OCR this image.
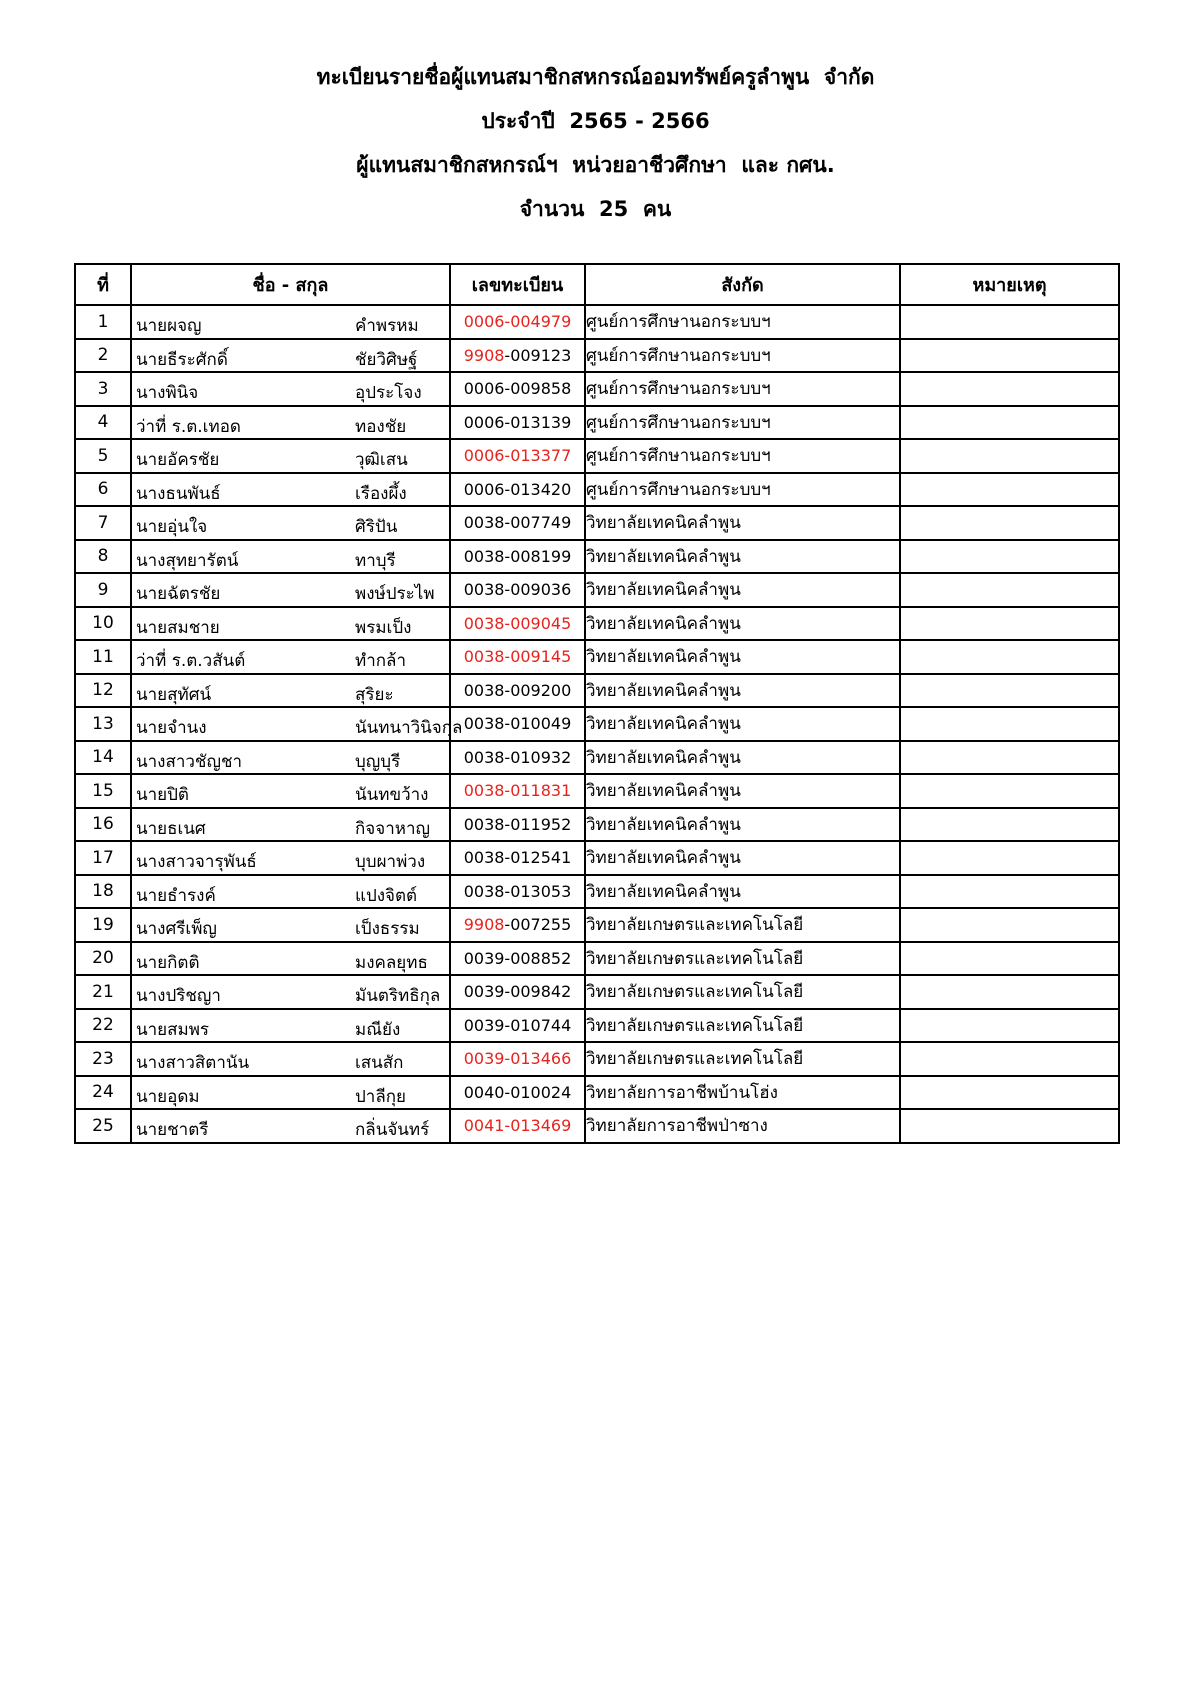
ทะเบียนรายชื่อผู้แทนสมาชิกสหกรณ์ออมทรัพย์ครูลำพูน  จำกัด
ประจำปี  2565 - 2566
ผู้แทนสมาชิกสหกรณ์ฯ  หน่วยอาชีวศึกษา  และ กศน.
จำนวน  25  คน
ที่	ชื่อ - สกุล	เลขทะเบียน	สังกัด	หมายเหตุ
1	นายผจญ คำพรหม	0006-004979	ศูนย์การศึกษานอกระบบฯ	
2	นายธีระศักดิ์ ชัยวิศิษฐ์	9908-009123	ศูนย์การศึกษานอกระบบฯ	
3	นางพินิจ อุประโจง	0006-009858	ศูนย์การศึกษานอกระบบฯ	
4	ว่าที่ ร.ต.เทอด ทองชัย	0006-013139	ศูนย์การศึกษานอกระบบฯ	
5	นายอัครชัย วุฒิเสน	0006-013377	ศูนย์การศึกษานอกระบบฯ	
6	นางธนพันธ์ เรืองผึ้ง	0006-013420	ศูนย์การศึกษานอกระบบฯ	
7	นายอุ่นใจ ศิริปัน	0038-007749	วิทยาลัยเทคนิคลำพูน	
8	นางสุทยารัตน์ ทาบุรี	0038-008199	วิทยาลัยเทคนิคลำพูน	
9	นายฉัตรชัย พงษ์ประไพ	0038-009036	วิทยาลัยเทคนิคลำพูน	
10	นายสมชาย พรมเป็ง	0038-009045	วิทยาลัยเทคนิคลำพูน	
11	ว่าที่ ร.ต.วสันต์ ทำกล้า	0038-009145	วิทยาลัยเทคนิคลำพูน	
12	นายสุทัศน์ สุริยะ	0038-009200	วิทยาลัยเทคนิคลำพูน	
13	นายจำนง นันทนาวินิจกุล	0038-010049	วิทยาลัยเทคนิคลำพูน	
14	นางสาวชัญชา บุญบุรี	0038-010932	วิทยาลัยเทคนิคลำพูน	
15	นายปิติ นันทขว้าง	0038-011831	วิทยาลัยเทคนิคลำพูน	
16	นายธเนศ กิจจาหาญ	0038-011952	วิทยาลัยเทคนิคลำพูน	
17	นางสาวจารุพันธ์ บุบผาพ่วง	0038-012541	วิทยาลัยเทคนิคลำพูน	
18	นายธำรงค์ แปงจิตต์	0038-013053	วิทยาลัยเทคนิคลำพูน	
19	นางศรีเพ็ญ เป็งธรรม	9908-007255	วิทยาลัยเกษตรและเทคโนโลยี	
20	นายกิตติ มงคลยุทธ	0039-008852	วิทยาลัยเกษตรและเทคโนโลยี	
21	นางปริชญา มันตริทธิกุล	0039-009842	วิทยาลัยเกษตรและเทคโนโลยี	
22	นายสมพร มณียัง	0039-010744	วิทยาลัยเกษตรและเทคโนโลยี	
23	นางสาวสิตานัน เสนสัก	0039-013466	วิทยาลัยเกษตรและเทคโนโลยี	
24	นายอุดม ปาลีกุย	0040-010024	วิทยาลัยการอาชีพบ้านโฮ่ง	
25	นายชาตรี กลิ่นจันทร์	0041-013469	วิทยาลัยการอาชีพป่าซาง	
